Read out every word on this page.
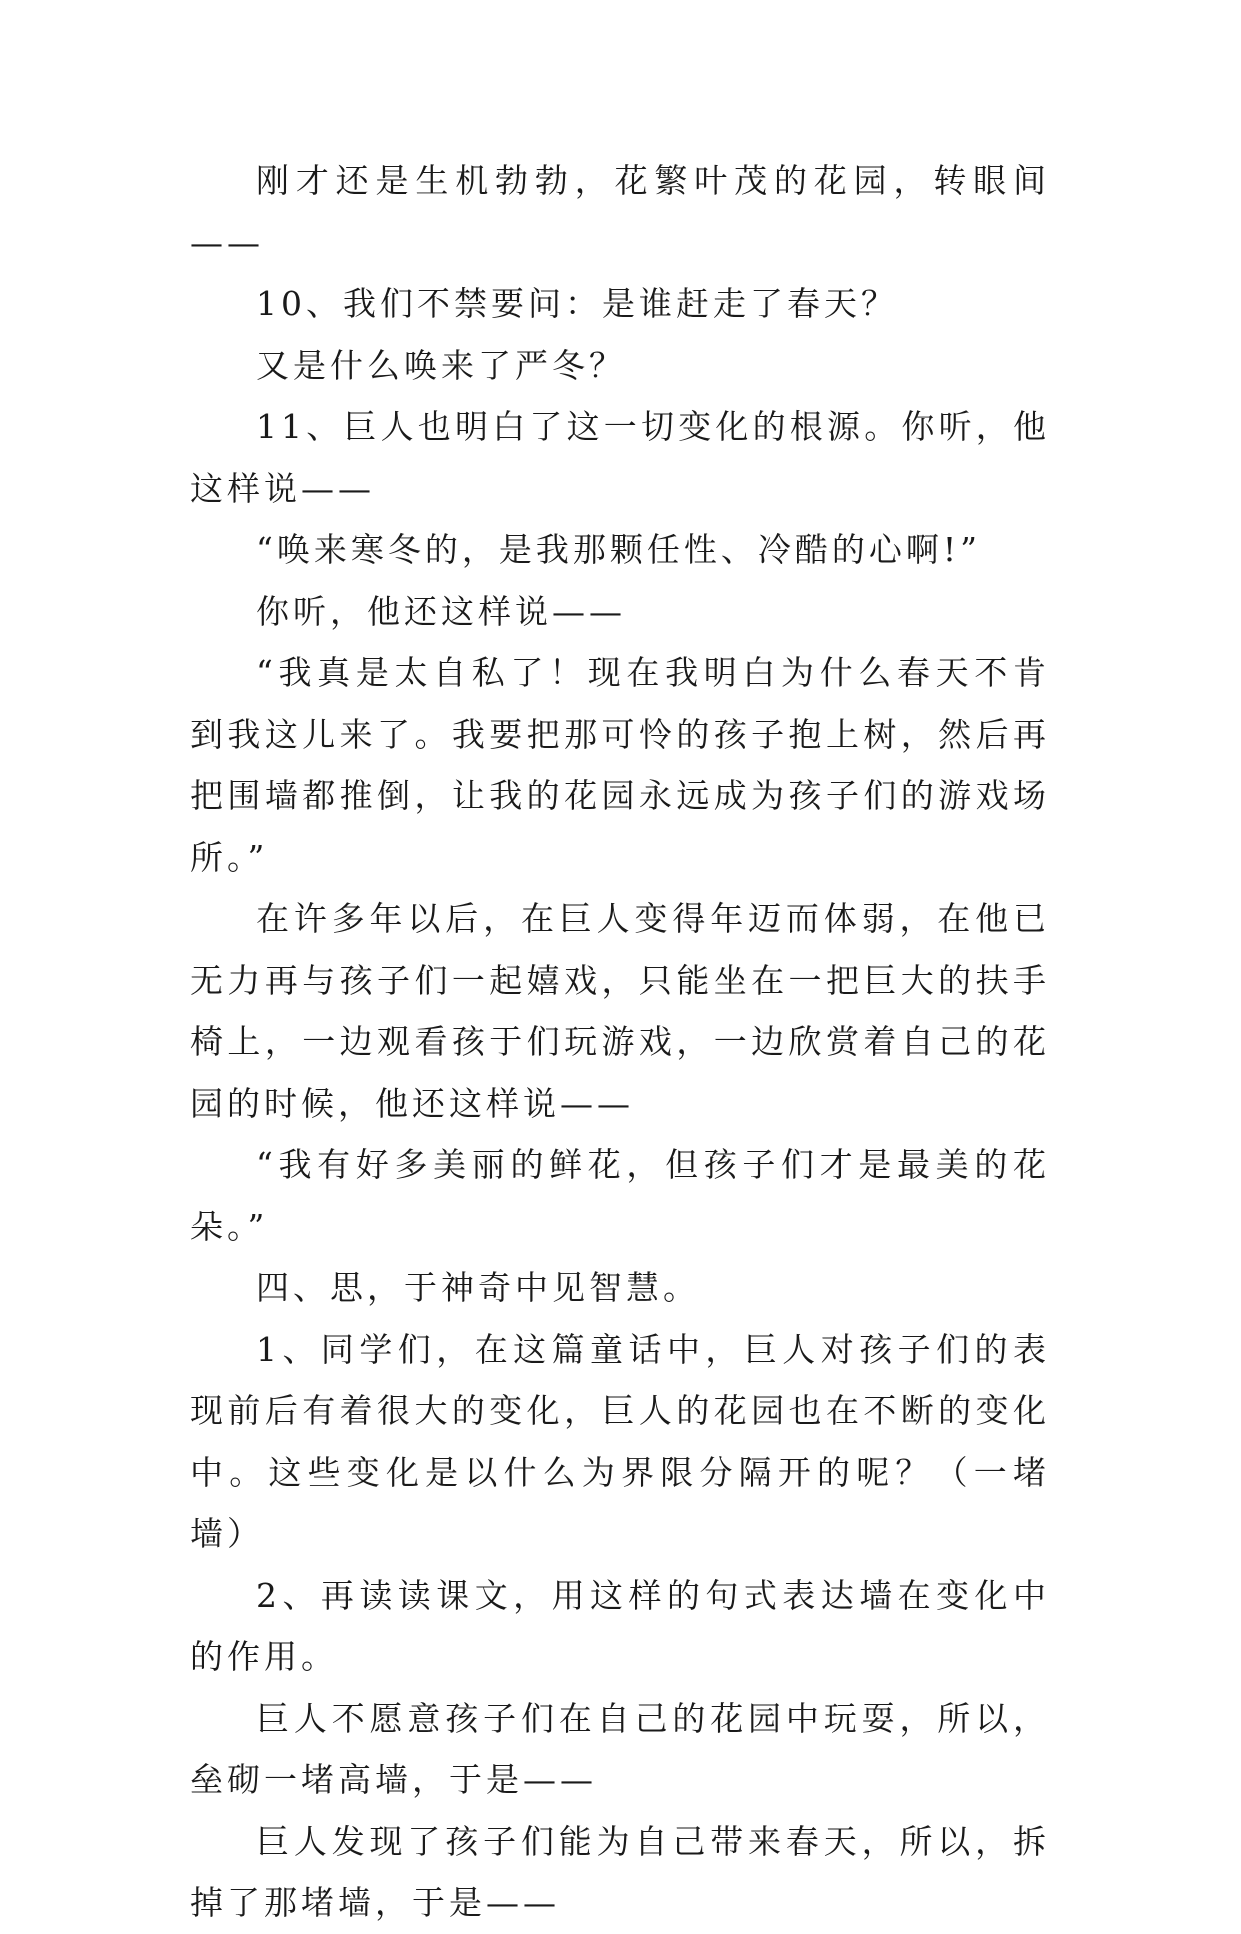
刚才还是生机勃勃，花繁叶茂的花园，转眼间——

10、我们不禁要问：是谁赶走了春天？

又是什么唤来了严冬？

11、巨人也明白了这一切变化的根源。你听，他这样说——

“唤来寒冬的，是我那颗任性、冷酷的心啊!”

你听，他还这样说——

“我真是太自私了！现在我明白为什么春天不肯到我这儿来了。我要把那可怜的孩子抱上树，然后再把围墙都推倒，让我的花园永远成为孩子们的游戏场所。”

在许多年以后，在巨人变得年迈而体弱，在他已无力再与孩子们一起嬉戏，只能坐在一把巨大的扶手椅上，一边观看孩于们玩游戏，一边欣赏着自己的花园的时候，他还这样说——

“我有好多美丽的鲜花，但孩子们才是最美的花朵。”

四、思，于神奇中见智慧。

1、同学们，在这篇童话中，巨人对孩子们的表现前后有着很大的变化，巨人的花园也在不断的变化中。这些变化是以什么为界限分隔开的呢？（一堵墙）

2、再读读课文，用这样的句式表达墙在变化中的作用。

巨人不愿意孩子们在自己的花园中玩耍，所以，垒砌一堵高墙，于是——

巨人发现了孩子们能为自己带来春天，所以，拆掉了那堵墙，于是——
